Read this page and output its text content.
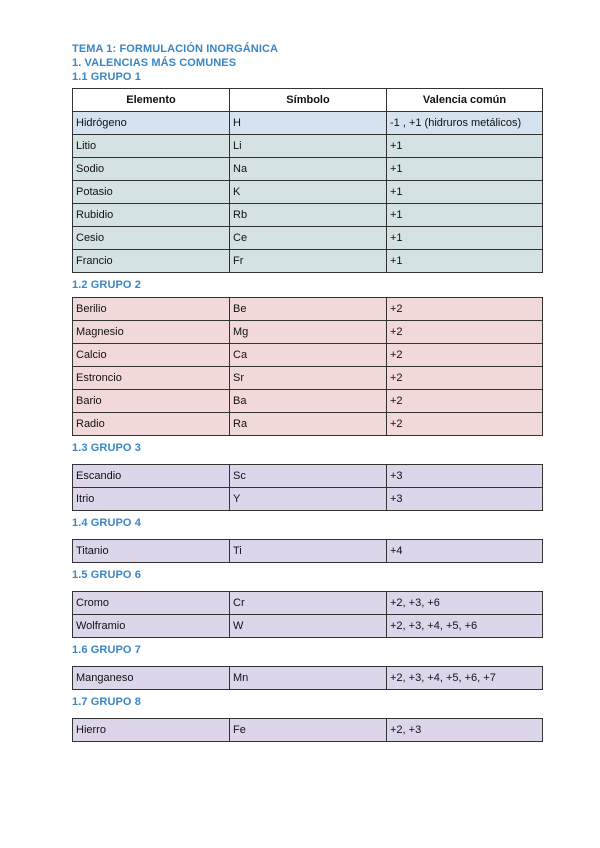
TEMA 1: FORMULACIÓN INORGÁNICA
1. VALENCIAS MÁS COMUNES
1.1 GRUPO 1
Elemento	Símbolo	Valencia común
Hidrógeno	H	-1 , +1 (hidruros metálicos)
Litio	Li	+1
Sodio	Na	+1
Potasio	K	+1
Rubidio	Rb	+1
Cesio	Ce	+1
Francio	Fr	+1
1.2 GRUPO 2
Berilio	Be	+2
Magnesio	Mg	+2
Calcio	Ca	+2
Estroncio	Sr	+2
Bario	Ba	+2
Radio	Ra	+2
1.3 GRUPO 3
Escandio	Sc	+3
Itrio	Y	+3
1.4 GRUPO 4
Titanio	Ti	+4
1.5 GRUPO 6
Cromo	Cr	+2, +3, +6
Wolframio	W	+2, +3, +4, +5, +6
1.6 GRUPO 7
Manganeso	Mn	+2, +3, +4, +5, +6, +7
1.7 GRUPO 8
Hierro	Fe	+2, +3
